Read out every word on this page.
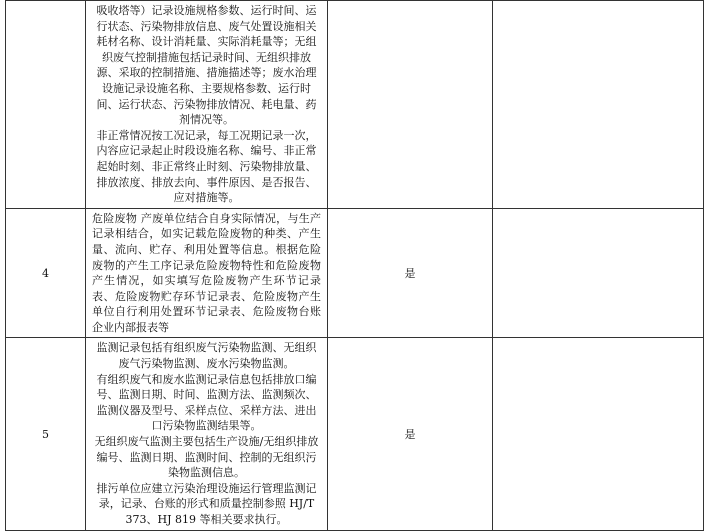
	吸收塔等）记录设施规格参数、运行时间、运行状态、污染物排放信息、废气处置设施相关耗材名称、设计消耗量、实际消耗量等；无组织废气控制措施包括记录时间、无组织排放源、采取的控制措施、措施描述等；废水治理设施记录设施名称、主要规格参数、运行时间、运行状态、污染物排放情况、耗电量、药剂情况等。

非正常情况按工况记录，每工况期记录一次，内容应记录起止时段设施名称、编号、非正常起始时刻、非正常终止时刻、污染物排放量、排放浓度、排放去向、事件原因、是否报告、应对措施等。		

4	危险废物 产废单位结合自身实际情况，与生产记录相结合，如实记载危险废物的种类、产生量、流向、贮存、利用处置等信息。根据危险废物的产生工序记录危险废物特性和危险废物产生情况，如实填写危险废物产生环节记录表、危险废物贮存环节记录表、危险废物产生单位自行利用处置环节记录表、危险废物台账企业内部报表等	是	
5	监测记录包括有组织废气污染物监测、无组织废气污染物监测、废水污染物监测。

有组织废气和废水监测记录信息包括排放口编号、监测日期、时间、监测方法、监测频次、监测仪器及型号、采样点位、采样方法、进出口污染物监测结果等。

无组织废气监测主要包括生产设施/无组织排放编号、监测日期、监测时间、控制的无组织污染物监测信息。

排污单位应建立污染治理设施运行管理监测记录，记录、台账的形式和质量控制参照 HJ/T 373、HJ 819 等相关要求执行。	是	
